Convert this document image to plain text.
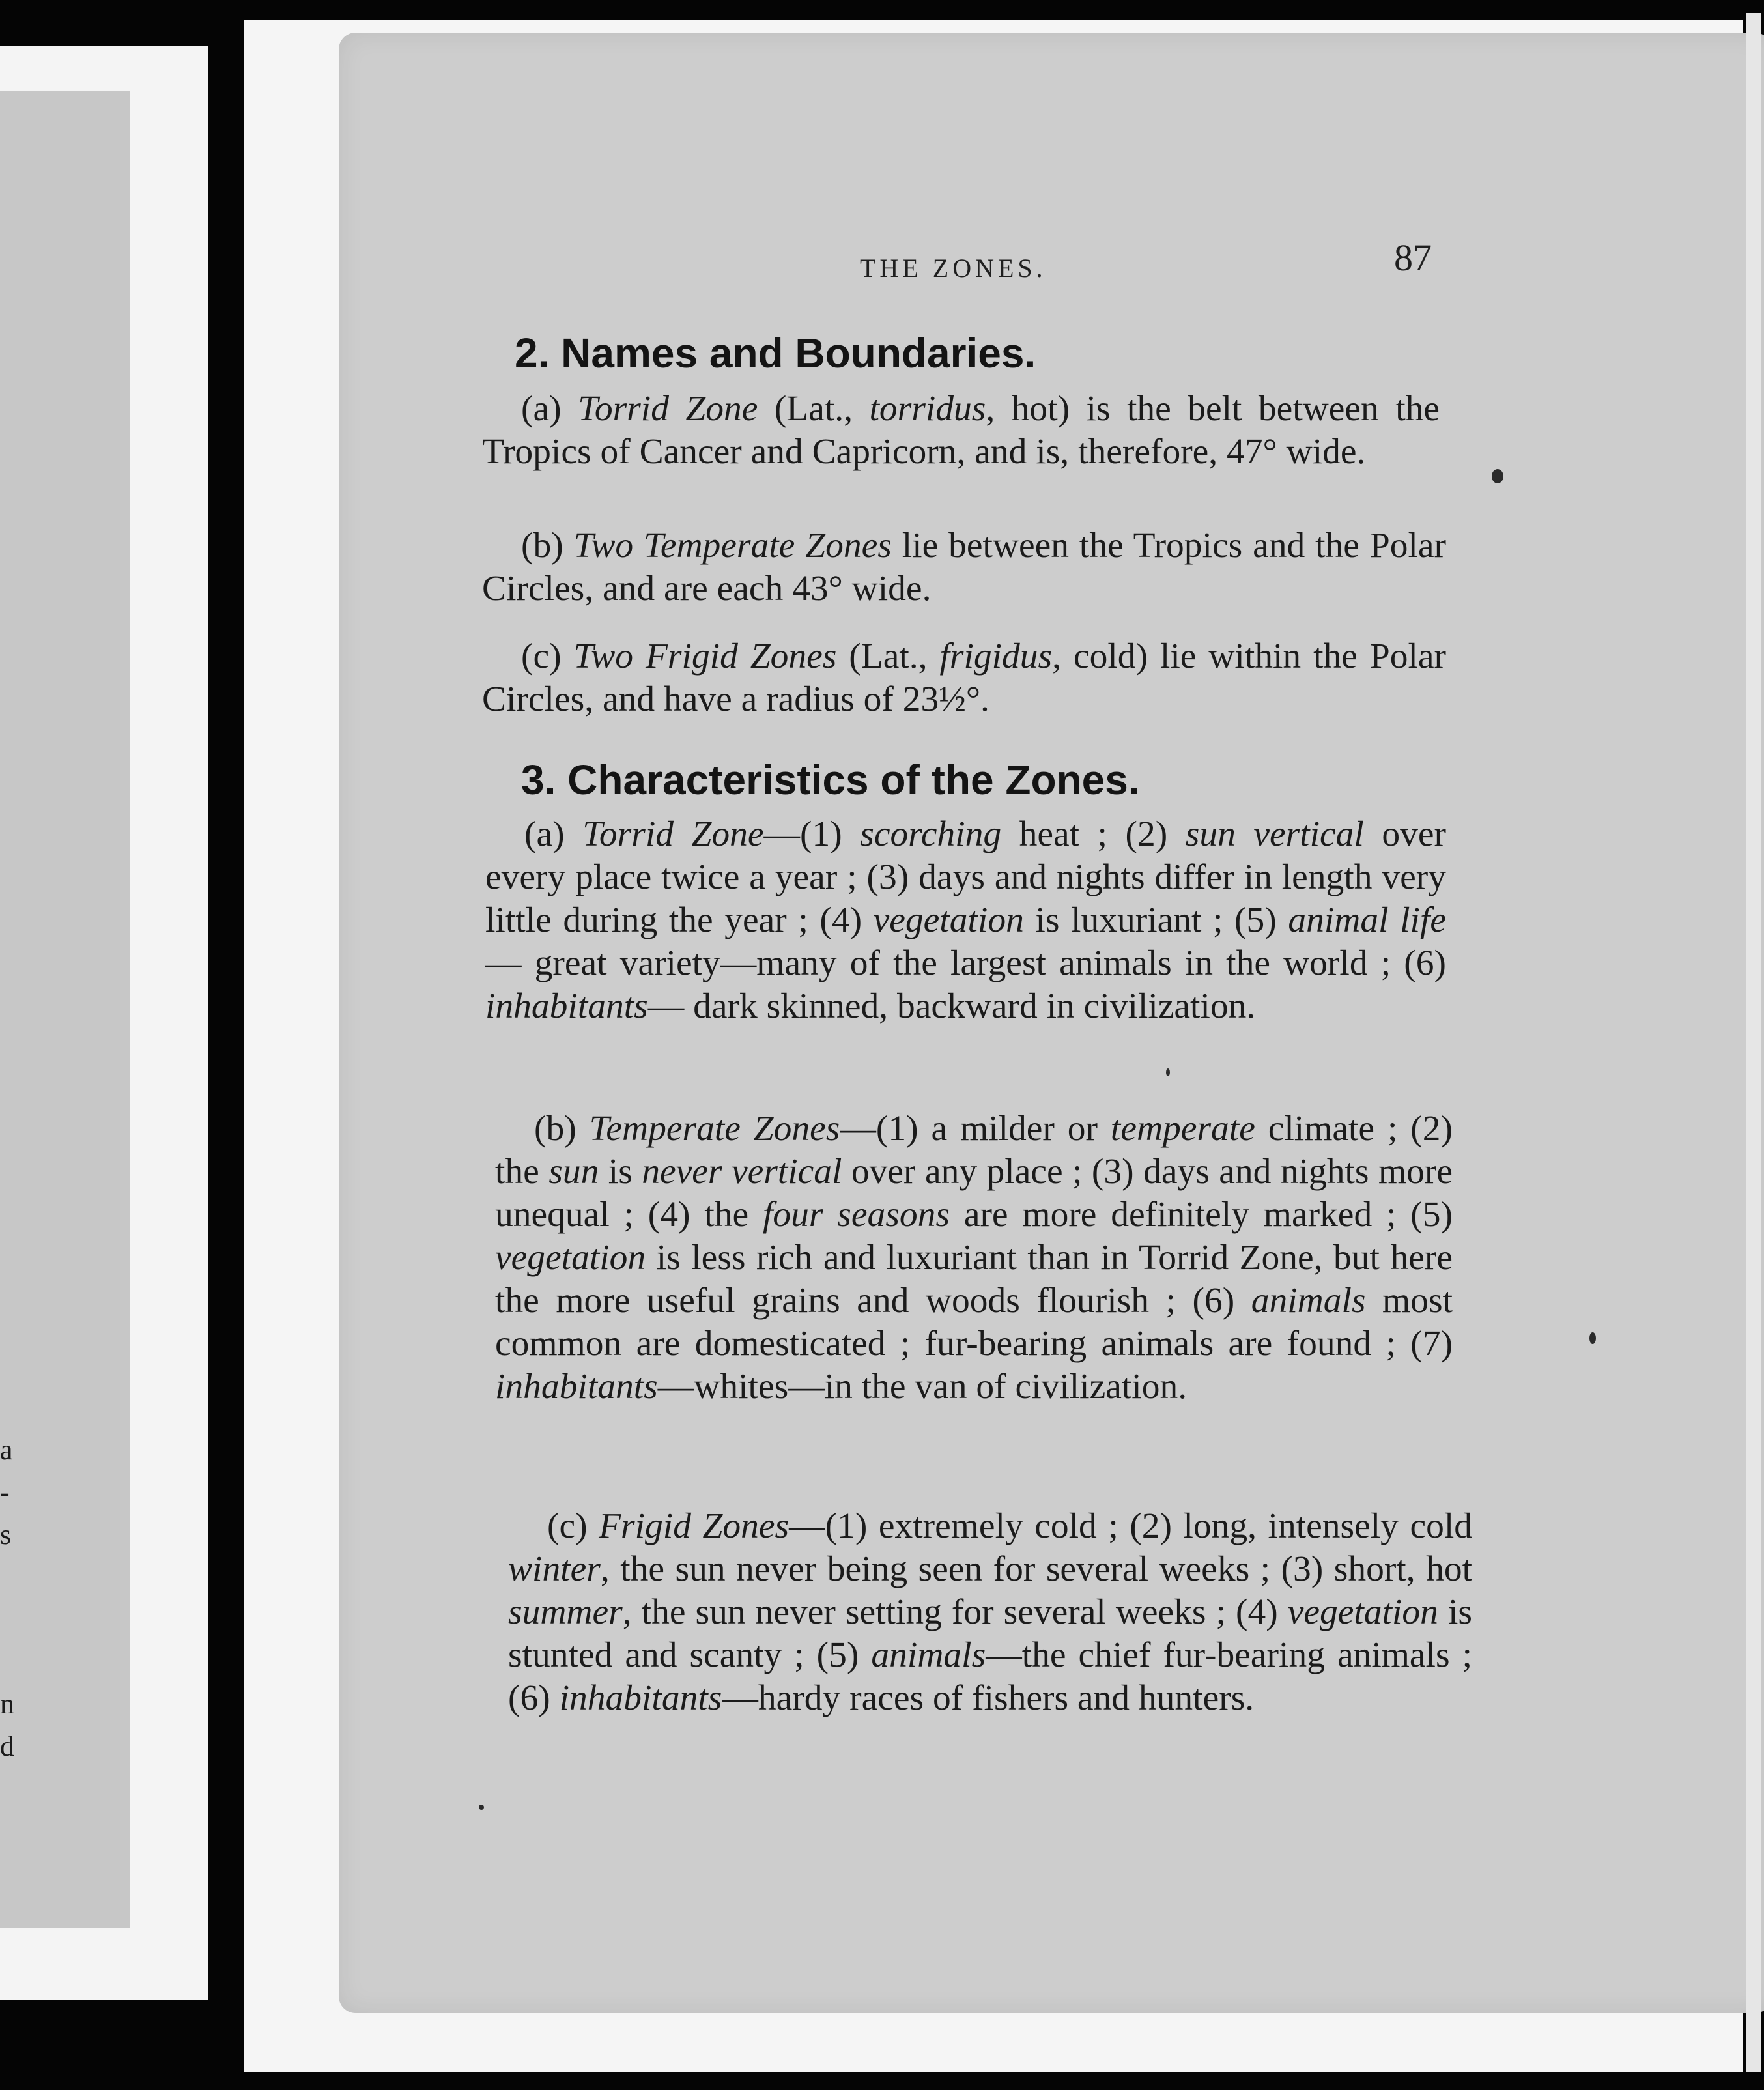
a
-
s
n
d
THE ZONES.	87
2. Names and Boundaries.
(a) Torrid Zone (Lat., torridus, hot) is the belt between the Tropics of Cancer and Capricorn, and is, therefore, 47° wide.
(b) Two Temperate Zones lie between the Tropics and the Polar Circles, and are each 43° wide.
(c) Two Frigid Zones (Lat., frigidus, cold) lie within the Polar Circles, and have a radius of 23½°.
3. Characteristics of the Zones.
(a) Torrid Zone—(1) scorching heat ; (2) sun vertical over every place twice a year ; (3) days and nights differ in length very little during the year ; (4) vegetation is luxuriant ; (5) animal life— great variety—many of the largest animals in the world ; (6) inhabitants— dark skinned, backward in civilization.
(b) Temperate Zones—(1) a milder or temperate climate ; (2) the sun is never vertical over any place ; (3) days and nights more unequal ; (4) the four seasons are more definitely marked ; (5) vegetation is less rich and luxuriant than in Torrid Zone, but here the more useful grains and woods flourish ; (6) animals most common are domesticated ; fur-bearing animals are found ; (7) inhabitants—whites—in the van of civilization.
(c) Frigid Zones—(1) extremely cold ; (2) long, intensely cold winter, the sun never being seen for several weeks ; (3) short, hot summer, the sun never setting for several weeks ; (4) vegetation is stunted and scanty ; (5) animals—the chief fur-bearing animals ; (6) inhabitants—hardy races of fishers and hunters.
